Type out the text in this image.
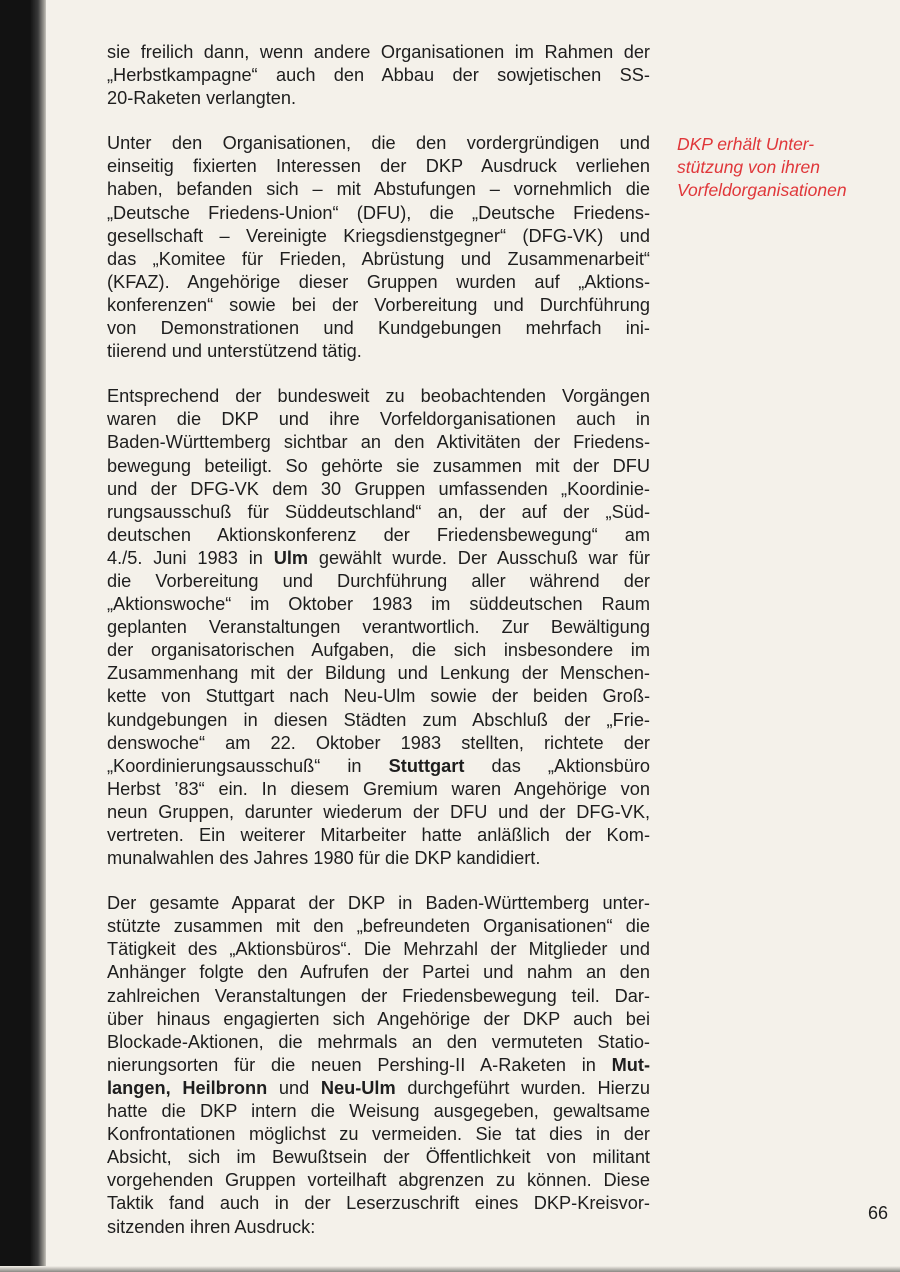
sie freilich dann, wenn andere Organisationen im Rahmen der
„Herbstkampagne“ auch den Abbau der sowjetischen SS-
20-Raketen verlangten.

Unter den Organisationen, die den vordergründigen und
einseitig fixierten Interessen der DKP Ausdruck verliehen
haben, befanden sich – mit Abstufungen – vornehmlich die
„Deutsche Friedens-Union“ (DFU), die „Deutsche Friedens-
gesellschaft – Vereinigte Kriegsdienstgegner“ (DFG-VK) und
das „Komitee für Frieden, Abrüstung und Zusammenarbeit“
(KFAZ). Angehörige dieser Gruppen wurden auf „Aktions-
konferenzen“ sowie bei der Vorbereitung und Durchführung
von Demonstrationen und Kundgebungen mehrfach ini-
tiierend und unterstützend tätig.

Entsprechend der bundesweit zu beobachtenden Vorgängen
waren die DKP und ihre Vorfeldorganisationen auch in
Baden-Württemberg sichtbar an den Aktivitäten der Friedens-
bewegung beteiligt. So gehörte sie zusammen mit der DFU
und der DFG-VK dem 30 Gruppen umfassenden „Koordinie-
rungsausschuß für Süddeutschland“ an, der auf der „Süd-
deutschen Aktionskonferenz der Friedensbewegung“ am
4./5. Juni 1983 in Ulm gewählt wurde. Der Ausschuß war für
die Vorbereitung und Durchführung aller während der
„Aktionswoche“ im Oktober 1983 im süddeutschen Raum
geplanten Veranstaltungen verantwortlich. Zur Bewältigung
der organisatorischen Aufgaben, die sich insbesondere im
Zusammenhang mit der Bildung und Lenkung der Menschen-
kette von Stuttgart nach Neu-Ulm sowie der beiden Groß-
kundgebungen in diesen Städten zum Abschluß der „Frie-
denswoche“ am 22. Oktober 1983 stellten, richtete der
„Koordinierungsausschuß“ in Stuttgart das „Aktionsbüro
Herbst ’83“ ein. In diesem Gremium waren Angehörige von
neun Gruppen, darunter wiederum der DFU und der DFG-VK,
vertreten. Ein weiterer Mitarbeiter hatte anläßlich der Kom-
munalwahlen des Jahres 1980 für die DKP kandidiert.

Der gesamte Apparat der DKP in Baden-Württemberg unter-
stützte zusammen mit den „befreundeten Organisationen“ die
Tätigkeit des „Aktionsbüros“. Die Mehrzahl der Mitglieder und
Anhänger folgte den Aufrufen der Partei und nahm an den
zahlreichen Veranstaltungen der Friedensbewegung teil. Dar-
über hinaus engagierten sich Angehörige der DKP auch bei
Blockade-Aktionen, die mehrmals an den vermuteten Statio-
nierungsorten für die neuen Pershing-II A-Raketen in Mut-
langen, Heilbronn und Neu-Ulm durchgeführt wurden. Hierzu
hatte die DKP intern die Weisung ausgegeben, gewaltsame
Konfrontationen möglichst zu vermeiden. Sie tat dies in der
Absicht, sich im Bewußtsein der Öffentlichkeit von militant
vorgehenden Gruppen vorteilhaft abgrenzen zu können. Diese
Taktik fand auch in der Leserzuschrift eines DKP-Kreisvor-
sitzenden ihren Ausdruck:

DKP erhält Unter-
stützung von ihren
Vorfeldorganisationen
66
